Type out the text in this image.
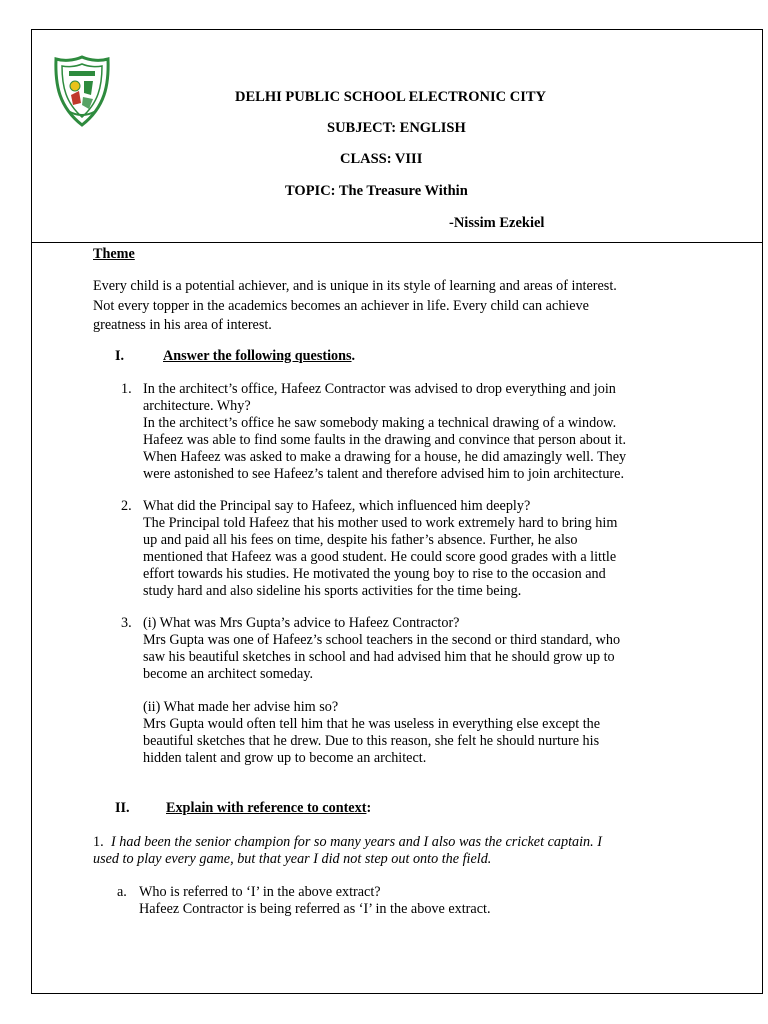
DELHI PUBLIC SCHOOL ELECTRONIC CITY
SUBJECT: ENGLISH
CLASS: VIII
TOPIC: The Treasure Within
-Nissim Ezekiel
Theme
Every child is a potential achiever, and is unique in its style of learning and areas of interest.
Not every topper in the academics becomes an achiever in life. Every child can achieve
greatness in his area of interest.
I.	Answer the following questions.
1. In the architect’s office, Hafeez Contractor was advised to drop everything and join
architecture. Why?
In the architect’s office he saw somebody making a technical drawing of a window.
Hafeez was able to find some faults in the drawing and convince that person about it.
When Hafeez was asked to make a drawing for a house, he did amazingly well. They
were astonished to see Hafeez’s talent and therefore advised him to join architecture.
2. What did the Principal say to Hafeez, which influenced him deeply?
The Principal told Hafeez that his mother used to work extremely hard to bring him
up and paid all his fees on time, despite his father’s absence. Further, he also
mentioned that Hafeez was a good student. He could score good grades with a little
effort towards his studies. He motivated the young boy to rise to the occasion and
study hard and also sideline his sports activities for the time being.
3. (i) What was Mrs Gupta’s advice to Hafeez Contractor?
Mrs Gupta was one of Hafeez’s school teachers in the second or third standard, who
saw his beautiful sketches in school and had advised him that he should grow up to
become an architect someday.
(ii) What made her advise him so?
Mrs Gupta would often tell him that he was useless in everything else except the
beautiful sketches that he drew. Due to this reason, she felt he should nurture his
hidden talent and grow up to become an architect.
II.	Explain with reference to context:
1. I had been the senior champion for so many years and I also was the cricket captain. I
used to play every game, but that year I did not step out onto the field.
a. Who is referred to ‘I’ in the above extract?
Hafeez Contractor is being referred as ‘I’ in the above extract.
